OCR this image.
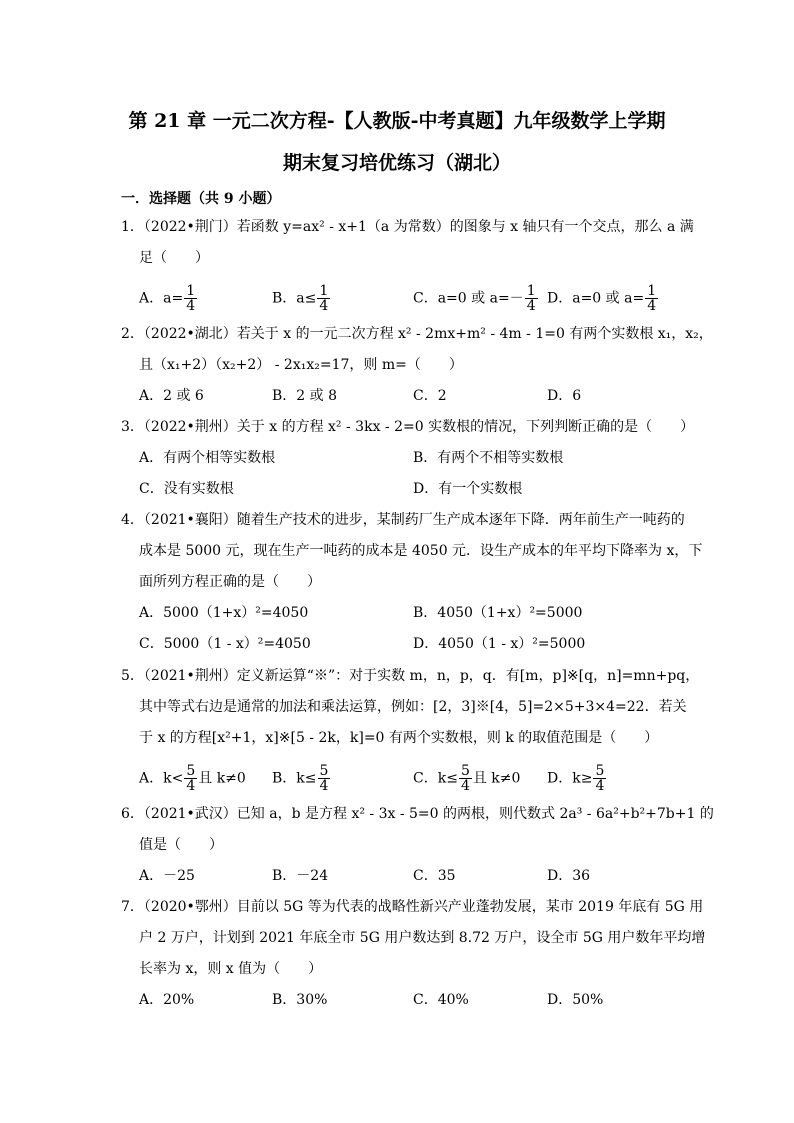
第 21 章 一元二次方程-【人教版-中考真题】九年级数学上学期
期末复习培优练习（湖北）
一．选择题（共 9 小题）
1．（2022•荆门）若函数 y=ax² - x+1（a 为常数）的图象与 x 轴只有一个交点，那么 a 满
足（　　）
A．$a= \frac{1}{4}$	B．$a\le \frac{1}{4}$	C．a=0 或 $a=- \frac{1}{4}$ D．a=0 或 $a= \frac{1}{4}$
2．（2022•湖北）若关于 x 的一元二次方程 x² - 2mx+m² - 4m - 1=0 有两个实数根 x₁，x₂，
且（x₁+2）（x₂+2） - 2x₁x₂=17，则 m=（　　）
A．2 或 6	B．2 或 8	C．2	D．6
3．（2022•荆州）关于 x 的方程 x² - 3kx - 2=0 实数根的情况，下列判断正确的是（　　）
A．有两个相等实数根	B．有两个不相等实数根
C．没有实数根	D．有一个实数根
4．（2021•襄阳）随着生产技术的进步，某制药厂生产成本逐年下降．两年前生产一吨药的
成本是 5000 元，现在生产一吨药的成本是 4050 元．设生产成本的年平均下降率为 x，下
面所列方程正确的是（　　）
A．5000（1+x）²=4050	B．4050（1+x）²=5000
C．5000（1 - x）²=4050	D．4050（1 - x）²=5000
5．（2021•荆州）定义新运算“※”：对于实数 m，n，p，q．有[m，p]※[q，n]=mn+pq，
其中等式右边是通常的加法和乘法运算，例如：[2，3]※[4，5]=2×5+3×4=22．若关
于 x 的方程[x²+1，x]※[5 - 2k，k]=0 有两个实数根，则 k 的取值范围是（　　）
A．$k< \frac{5}{4}$ 且 k≠0 B．$k\le \frac{5}{4}$	C．$k\le \frac{5}{4}$ 且 k≠0 D．$k\ge \frac{5}{4}$
6．（2021•武汉）已知 a，b 是方程 x² - 3x - 5=0 的两根，则代数式 2a³ - 6a²+b²+7b+1 的
值是（　　）
A．－25	B．－24	C．35	D．36
7．（2020•鄂州）目前以 5G 等为代表的战略性新兴产业蓬勃发展，某市 2019 年底有 5G 用
户 2 万户，计划到 2021 年底全市 5G 用户数达到 8.72 万户，设全市 5G 用户数年平均增
长率为 x，则 x 值为（　　）
A．20%	B．30%	C．40%	D．50%
